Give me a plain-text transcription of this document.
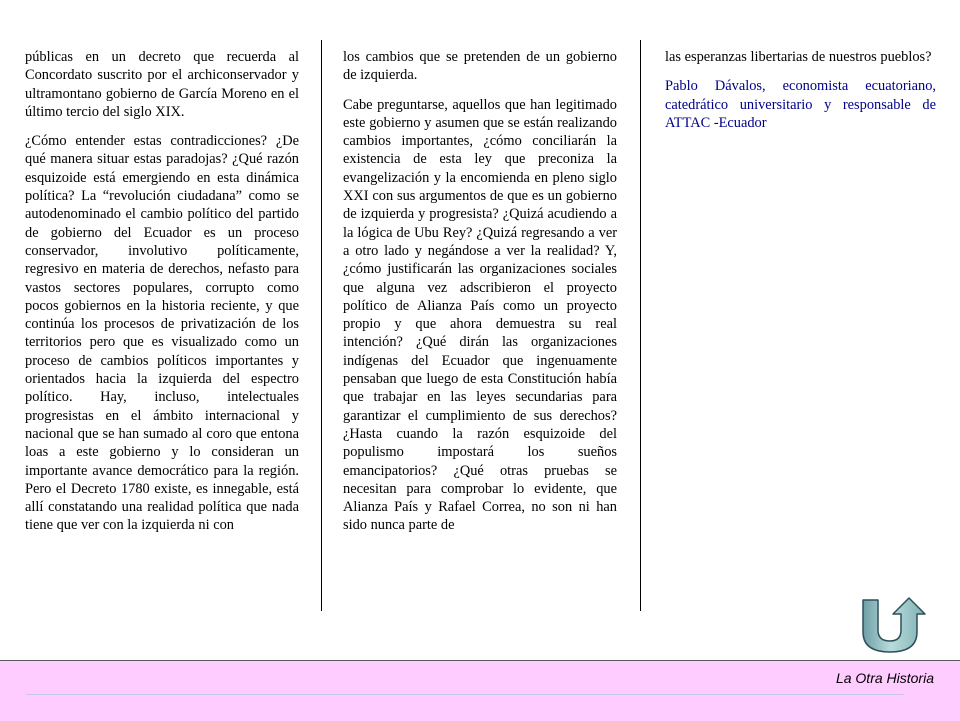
públicas en un decreto que recuerda al Concordato suscrito por el archiconservador y ultramontano gobierno de García Moreno en el último tercio del siglo XIX.

¿Cómo entender estas contradicciones? ¿De qué manera situar estas paradojas? ¿Qué razón esquizoide está emergiendo en esta dinámica política? La “revolución ciudadana” como se autodenominado el cambio político del partido de gobierno del Ecuador es un proceso conservador, involutivo políticamente, regresivo en materia de derechos, nefasto para vastos sectores populares, corrupto como pocos gobiernos en la historia reciente, y que continúa los procesos de privatización de los territorios pero que es visualizado como un proceso de cambios políticos importantes y orientados hacia la izquierda del espectro político. Hay, incluso, intelectuales progresistas en el ámbito internacional y nacional que se han sumado al coro que entona loas a este gobierno y lo consideran un importante avance democrático para la región. Pero el Decreto 1780 existe, es innegable, está allí constatando una realidad política que nada tiene que ver con la izquierda ni con

los cambios que se pretenden de un gobierno de izquierda.

Cabe preguntarse, aquellos que han legitimado este gobierno y asumen que se están realizando cambios importantes, ¿cómo conciliarán la existencia de esta ley que preconiza la evangelización y la encomienda en pleno siglo XXI con sus argumentos de que es un gobierno de izquierda y progresista? ¿Quizá acudiendo a la lógica de Ubu Rey? ¿Quizá regresando a ver a otro lado y negándose a ver la realidad? Y, ¿cómo justificarán las organizaciones sociales que alguna vez adscribieron el proyecto político de Alianza País como un proyecto propio y que ahora demuestra su real intención? ¿Qué dirán las organizaciones indígenas del Ecuador que ingenuamente pensaban que luego de esta Constitución había que trabajar en las leyes secundarias para garantizar el cumplimiento de sus derechos? ¿Hasta cuando la razón esquizoide del populismo impostará los sueños emancipatorios? ¿Qué otras pruebas se necesitan para comprobar lo evidente, que Alianza País y Rafael Correa, no son ni han sido nunca parte de

las esperanzas libertarias de nuestros pueblos?

Pablo Dávalos, economista ecuatoriano, catedrático universitario y responsable de ATTAC -Ecuador

La Otra Historia
